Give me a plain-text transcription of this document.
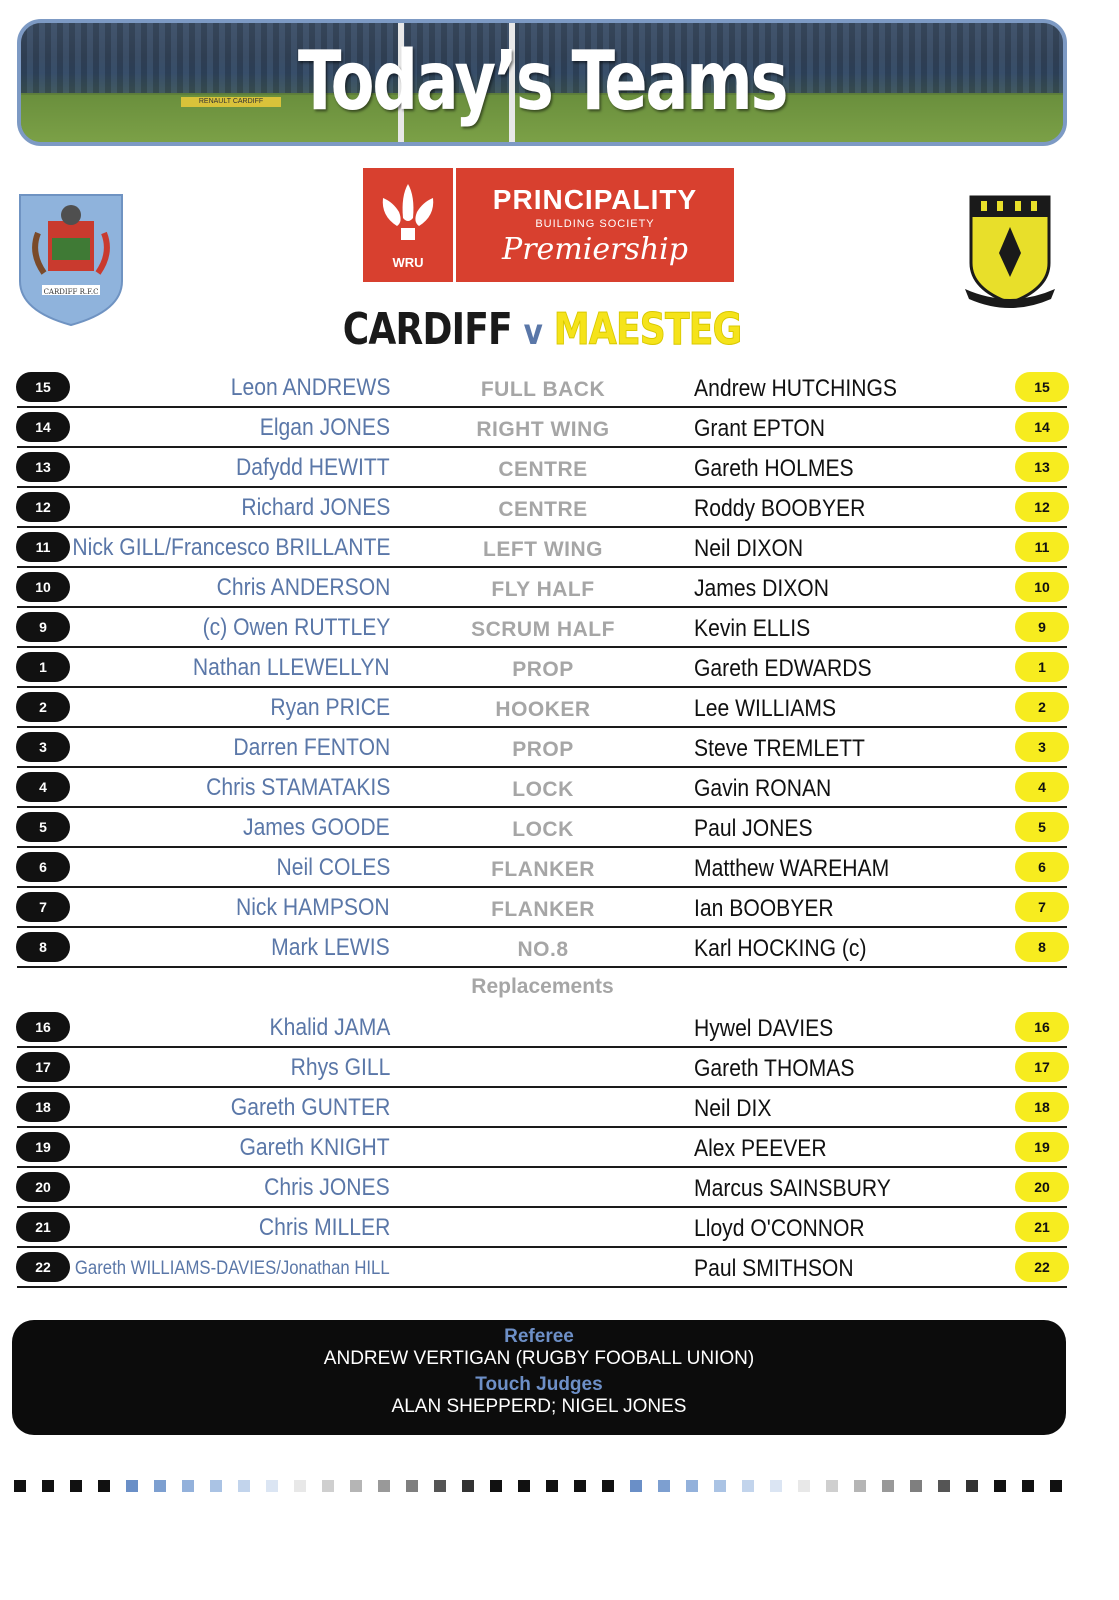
RENAULT CARDIFF Today’s Teams
CARDIFF R.F.C
WRU
PRINCIPALITY
BUILDING SOCIETY
Premiership
CARDIFF v MAESTEG
15	Leon ANDREWS	FULL BACK	Andrew HUTCHINGS	15
14	Elgan JONES	RIGHT WING	Grant EPTON	14
13	Dafydd HEWITT	CENTRE	Gareth HOLMES	13
12	Richard JONES	CENTRE	Roddy BOOBYER	12
11 Nick GILL/Francesco BRILLANTE	LEFT WING	Neil DIXON	11
10	Chris ANDERSON	FLY HALF	James DIXON	10
9	(c) Owen RUTTLEY	SCRUM HALF	Kevin ELLIS	9
1	Nathan LLEWELLYN	PROP	Gareth EDWARDS	1
2	Ryan PRICE	HOOKER	Lee WILLIAMS	2
3	Darren FENTON	PROP	Steve TREMLETT	3
4	Chris STAMATAKIS	LOCK	Gavin RONAN	4
5	James GOODE	LOCK	Paul JONES	5
6	Neil COLES	FLANKER	Matthew WAREHAM	6
7	Nick HAMPSON	FLANKER	Ian BOOBYER	7
8	Mark LEWIS	NO.8	Karl HOCKING (c)	8
16	Khalid JAMA	Hywel DAVIES	16
17	Rhys GILL	Gareth THOMAS	17
18	Gareth GUNTER	Neil DIX	18
19	Gareth KNIGHT	Alex PEEVER	19
20	Chris JONES	Marcus SAINSBURY	20
21	Chris MILLER	Lloyd O'CONNOR	21
22	Gareth WILLIAMS-DAVIES/Jonathan HILL	Paul SMITHSON	22
Replacements
Referee
ANDREW VERTIGAN (RUGBY FOOBALL UNION)
Touch Judges
ALAN SHEPPERD; NIGEL JONES
